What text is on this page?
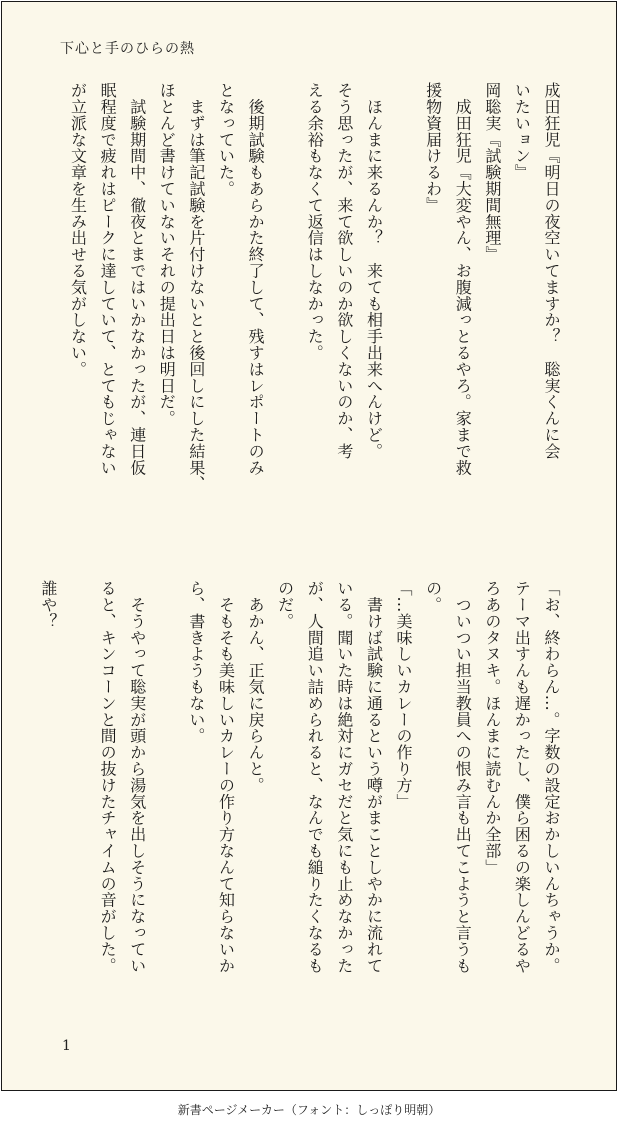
下心と手のひらの熱

成田狂児『明日の夜空いてますか？　聡実くんに会

いたいョン』

岡聡実『試験期間無理』

　成田狂児『大変やん、お腹減っとるやろ。家まで救

援物資届けるわ』

　ほんまに来るんか？　来ても相手出来へんけど。

そう思ったが、来て欲しいのか欲しくないのか、考

える余裕もなくて返信はしなかった。

　後期試験もあらかた終了して、残すはレポートのみ

となっていた。

　まずは筆記試験を片付けないとと後回しにした結果、

ほとんど書けていないそれの提出日は明日だ。

　試験期間中、徹夜とまではいかなかったが、連日仮

眠程度で疲れはピークに達していて、とてもじゃない

が立派な文章を生み出せる気がしない。

「お、終わらん…。字数の設定おかしいんちゃうか。

テーマ出すんも遅かったし、僕ら困るの楽しんどるや

ろあのタヌキ。ほんまに読むんか全部」

　ついつい担当教員への恨み言も出てこようと言うも

の。

「…美味しいカレーの作り方」

　書けば試験に通るという噂がまことしやかに流れて

いる。聞いた時は絶対にガセだと気にも止めなかった

が、人間追い詰められると、なんでも縋りたくなるも

のだ。

　あかん、正気に戻らんと。

　そもそも美味しいカレーの作り方なんて知らないか

ら、書きようもない。

　そうやって聡実が頭から湯気を出しそうになってい

ると、キンコーンと間の抜けたチャイムの音がした。

誰や？

1
新書ページメーカー（フォント：しっぽり明朝）
